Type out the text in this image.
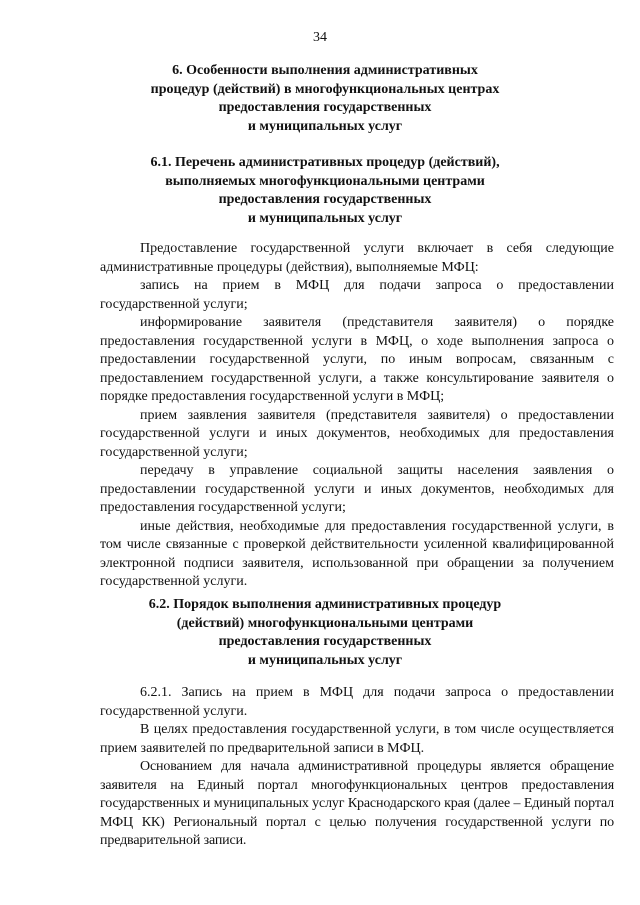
34
6. Особенности выполнения административных
процедур (действий) в многофункциональных центрах
предоставления государственных
и муниципальных услуг
6.1. Перечень административных процедур (действий),
выполняемых многофункциональными центрами
предоставления государственных
и муниципальных услуг

Предоставление государственной услуги включает в себя следующие административные процедуры (действия), выполняемые МФЦ:

запись на прием в МФЦ для подачи запроса о предоставлении государственной услуги;

информирование заявителя (представителя заявителя) о порядке предоставления государственной услуги в МФЦ, о ходе выполнения запроса о предоставлении государственной услуги, по иным вопросам, связанным с предоставлением государственной услуги, а также консультирование заявителя о порядке предоставления государственной услуги в МФЦ;

прием заявления заявителя (представителя заявителя) о предоставлении государственной услуги и иных документов, необходимых для предоставления государственной услуги;

передачу в управление социальной защиты населения заявления о предоставлении государственной услуги и иных документов, необходимых для предоставления государственной услуги;

иные действия, необходимые для предоставления государственной услуги, в том числе связанные с проверкой действительности усиленной квалифицированной электронной подписи заявителя, использованной при обращении за получением государственной услуги.

6.2. Порядок выполнения административных процедур
(действий) многофункциональными центрами
предоставления государственных
и муниципальных услуг

6.2.1. Запись на прием в МФЦ для подачи запроса о предоставлении государственной услуги.

В целях предоставления государственной услуги, в том числе осуществляется прием заявителей по предварительной записи в МФЦ.

Основанием для начала административной процедуры является обращение заявителя на Единый портал многофункциональных центров предоставления государственных и муниципальных услуг Краснодарского края (далее – Единый портал МФЦ КК) Региональный портал с целью получения государственной услуги по предварительной записи.
